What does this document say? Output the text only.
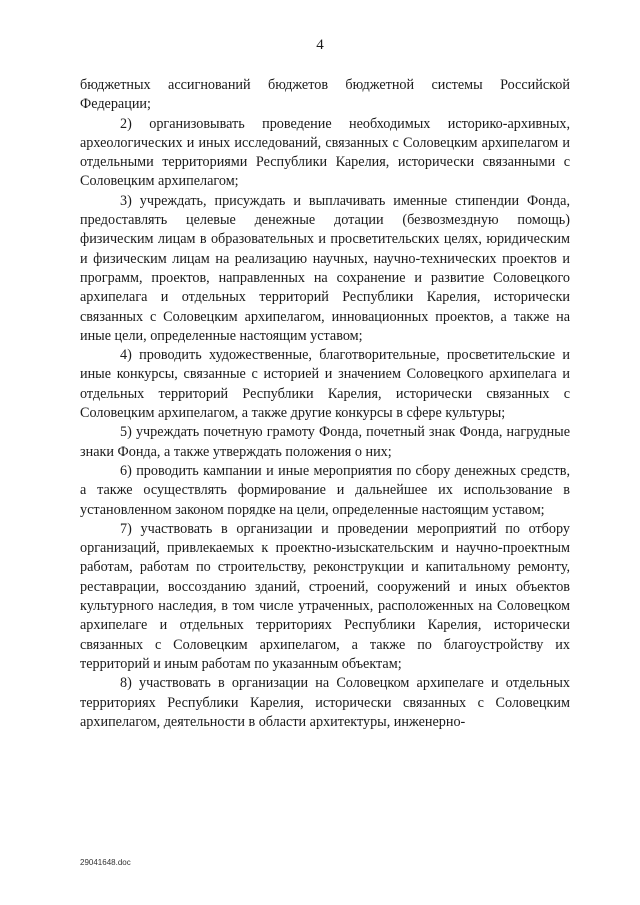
4

бюджетных ассигнований бюджетов бюджетной системы Российской Федерации;

2) организовывать проведение необходимых историко-архивных, археологических и иных исследований, связанных с Соловецким архипелагом и отдельными территориями Республики Карелия, исторически связанными с Соловецким архипелагом;

3) учреждать, присуждать и выплачивать именные стипендии Фонда, предоставлять целевые денежные дотации (безвозмездную помощь) физическим лицам в образовательных и просветительских целях, юридическим и физическим лицам на реализацию научных, научно-технических проектов и программ, проектов, направленных на сохранение и развитие Соловецкого архипелага и отдельных территорий Республики Карелия, исторически связанных с Соловецким архипелагом, инновационных проектов, а также на иные цели, определенные настоящим уставом;

4) проводить художественные, благотворительные, просветительские и иные конкурсы, связанные с историей и значением Соловецкого архипелага и отдельных территорий Республики Карелия, исторически связанных с Соловецким архипелагом, а также другие конкурсы в сфере культуры;

5) учреждать почетную грамоту Фонда, почетный знак Фонда, нагрудные знаки Фонда, а также утверждать положения о них;

6) проводить кампании и иные мероприятия по сбору денежных средств, а также осуществлять формирование и дальнейшее их использование в установленном законом порядке на цели, определенные настоящим уставом;

7) участвовать в организации и проведении мероприятий по отбору организаций, привлекаемых к проектно-изыскательским и научно-проектным работам, работам по строительству, реконструкции и капитальному ремонту, реставрации, воссозданию зданий, строений, сооружений и иных объектов культурного наследия, в том числе утраченных, расположенных на Соловецком архипелаге и отдельных территориях Республики Карелия, исторически связанных с Соловецким архипелагом, а также по благоустройству их территорий и иным работам по указанным объектам;

8) участвовать в организации на Соловецком архипелаге и отдельных территориях Республики Карелия, исторически связанных с Соловецким архипелагом, деятельности в области архитектуры, инженерно-

29041648.doc
